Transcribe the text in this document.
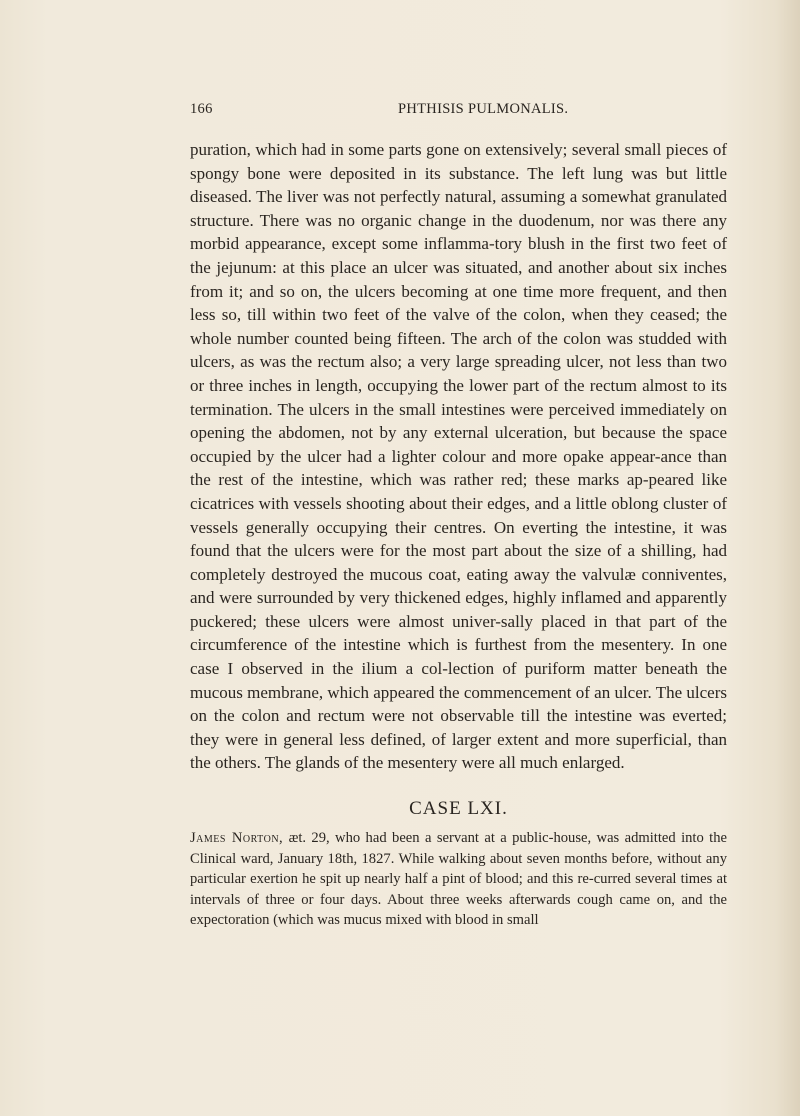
166	PHTHISIS PULMONALIS.

puration, which had in some parts gone on extensively; several small pieces of spongy bone were deposited in its substance. The left lung was but little diseased. The liver was not perfectly natural, assuming a somewhat granulated structure. There was no organic change in the duodenum, nor was there any morbid appearance, except some inflamma-tory blush in the first two feet of the jejunum: at this place an ulcer was situated, and another about six inches from it; and so on, the ulcers becoming at one time more frequent, and then less so, till within two feet of the valve of the colon, when they ceased; the whole number counted being fifteen. The arch of the colon was studded with ulcers, as was the rectum also; a very large spreading ulcer, not less than two or three inches in length, occupying the lower part of the rectum almost to its termination. The ulcers in the small intestines were perceived immediately on opening the abdomen, not by any external ulceration, but because the space occupied by the ulcer had a lighter colour and more opake appear-ance than the rest of the intestine, which was rather red; these marks ap-peared like cicatrices with vessels shooting about their edges, and a little oblong cluster of vessels generally occupying their centres. On everting the intestine, it was found that the ulcers were for the most part about the size of a shilling, had completely destroyed the mucous coat, eating away the valvulæ conniventes, and were surrounded by very thickened edges, highly inflamed and apparently puckered; these ulcers were almost univer-sally placed in that part of the circumference of the intestine which is furthest from the mesentery. In one case I observed in the ilium a col-lection of puriform matter beneath the mucous membrane, which appeared the commencement of an ulcer. The ulcers on the colon and rectum were not observable till the intestine was everted; they were in general less defined, of larger extent and more superficial, than the others. The glands of the mesentery were all much enlarged.

CASE LXI.

James Norton, æt. 29, who had been a servant at a public-house, was admitted into the Clinical ward, January 18th, 1827. While walking about seven months before, without any particular exertion he spit up nearly half a pint of blood; and this re-curred several times at intervals of three or four days. About three weeks afterwards cough came on, and the expectoration (which was mucus mixed with blood in small
